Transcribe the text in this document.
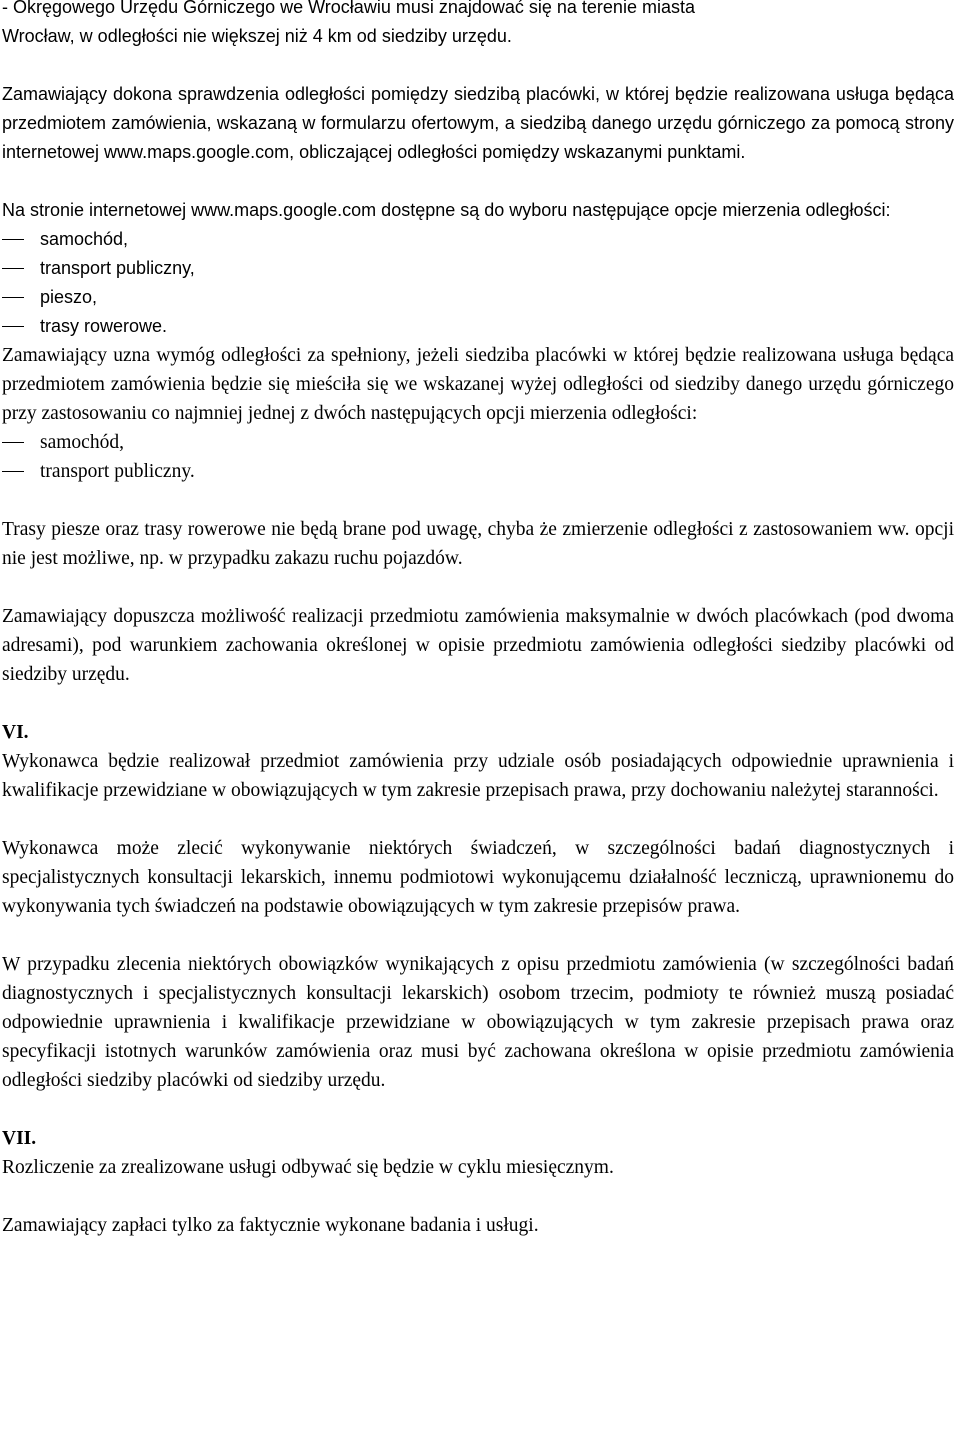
- Okręgowego Urzędu Górniczego we Wrocławiu musi znajdować się na terenie miasta
Wrocław, w odległości nie większej niż 4 km od siedziby urzędu.

Zamawiający dokona sprawdzenia odległości pomiędzy siedzibą placówki, w której będzie realizowana usługa będąca przedmiotem zamówienia, wskazaną w formularzu ofertowym, a siedzibą danego urzędu górniczego za pomocą strony internetowej www.maps.google.com, obliczającej odległości pomiędzy wskazanymi punktami.

Na stronie internetowej www.maps.google.com dostępne są do wyboru następujące opcje mierzenia odległości:

samochód,
transport publiczny,
pieszo,
trasy rowerowe.

Zamawiający uzna wymóg odległości za spełniony, jeżeli siedziba placówki w której będzie realizowana usługa będąca przedmiotem zamówienia będzie się mieściła się we wskazanej wyżej odległości od siedziby danego urzędu górniczego przy zastosowaniu co najmniej jednej z dwóch następujących opcji mierzenia odległości:

samochód,
transport publiczny.

Trasy piesze oraz trasy rowerowe nie będą brane pod uwagę, chyba że zmierzenie odległości z zastosowaniem ww. opcji nie jest możliwe, np. w przypadku zakazu ruchu pojazdów.

Zamawiający dopuszcza możliwość realizacji przedmiotu zamówienia maksymalnie w dwóch placówkach (pod dwoma adresami), pod warunkiem zachowania określonej w opisie przedmiotu zamówienia odległości siedziby placówki od siedziby urzędu.

VI.

Wykonawca będzie realizował przedmiot zamówienia przy udziale osób posiadających odpowiednie uprawnienia i kwalifikacje przewidziane w obowiązujących w tym zakresie przepisach prawa, przy dochowaniu należytej staranności.

Wykonawca może zlecić wykonywanie niektórych świadczeń, w szczególności badań diagnostycznych i specjalistycznych konsultacji lekarskich, innemu podmiotowi wykonującemu działalność leczniczą, uprawnionemu do wykonywania tych świadczeń na podstawie obowiązujących w tym zakresie przepisów prawa.

W przypadku zlecenia niektórych obowiązków wynikających z opisu przedmiotu zamówienia (w szczególności badań diagnostycznych i specjalistycznych konsultacji lekarskich) osobom trzecim, podmioty te również muszą posiadać odpowiednie uprawnienia i kwalifikacje przewidziane w obowiązujących w tym zakresie przepisach prawa oraz specyfikacji istotnych warunków zamówienia oraz musi być zachowana określona w opisie przedmiotu zamówienia odległości siedziby placówki od siedziby urzędu.

VII.

Rozliczenie za zrealizowane usługi odbywać się będzie w cyklu miesięcznym.

Zamawiający zapłaci tylko za faktycznie wykonane badania i usługi.
